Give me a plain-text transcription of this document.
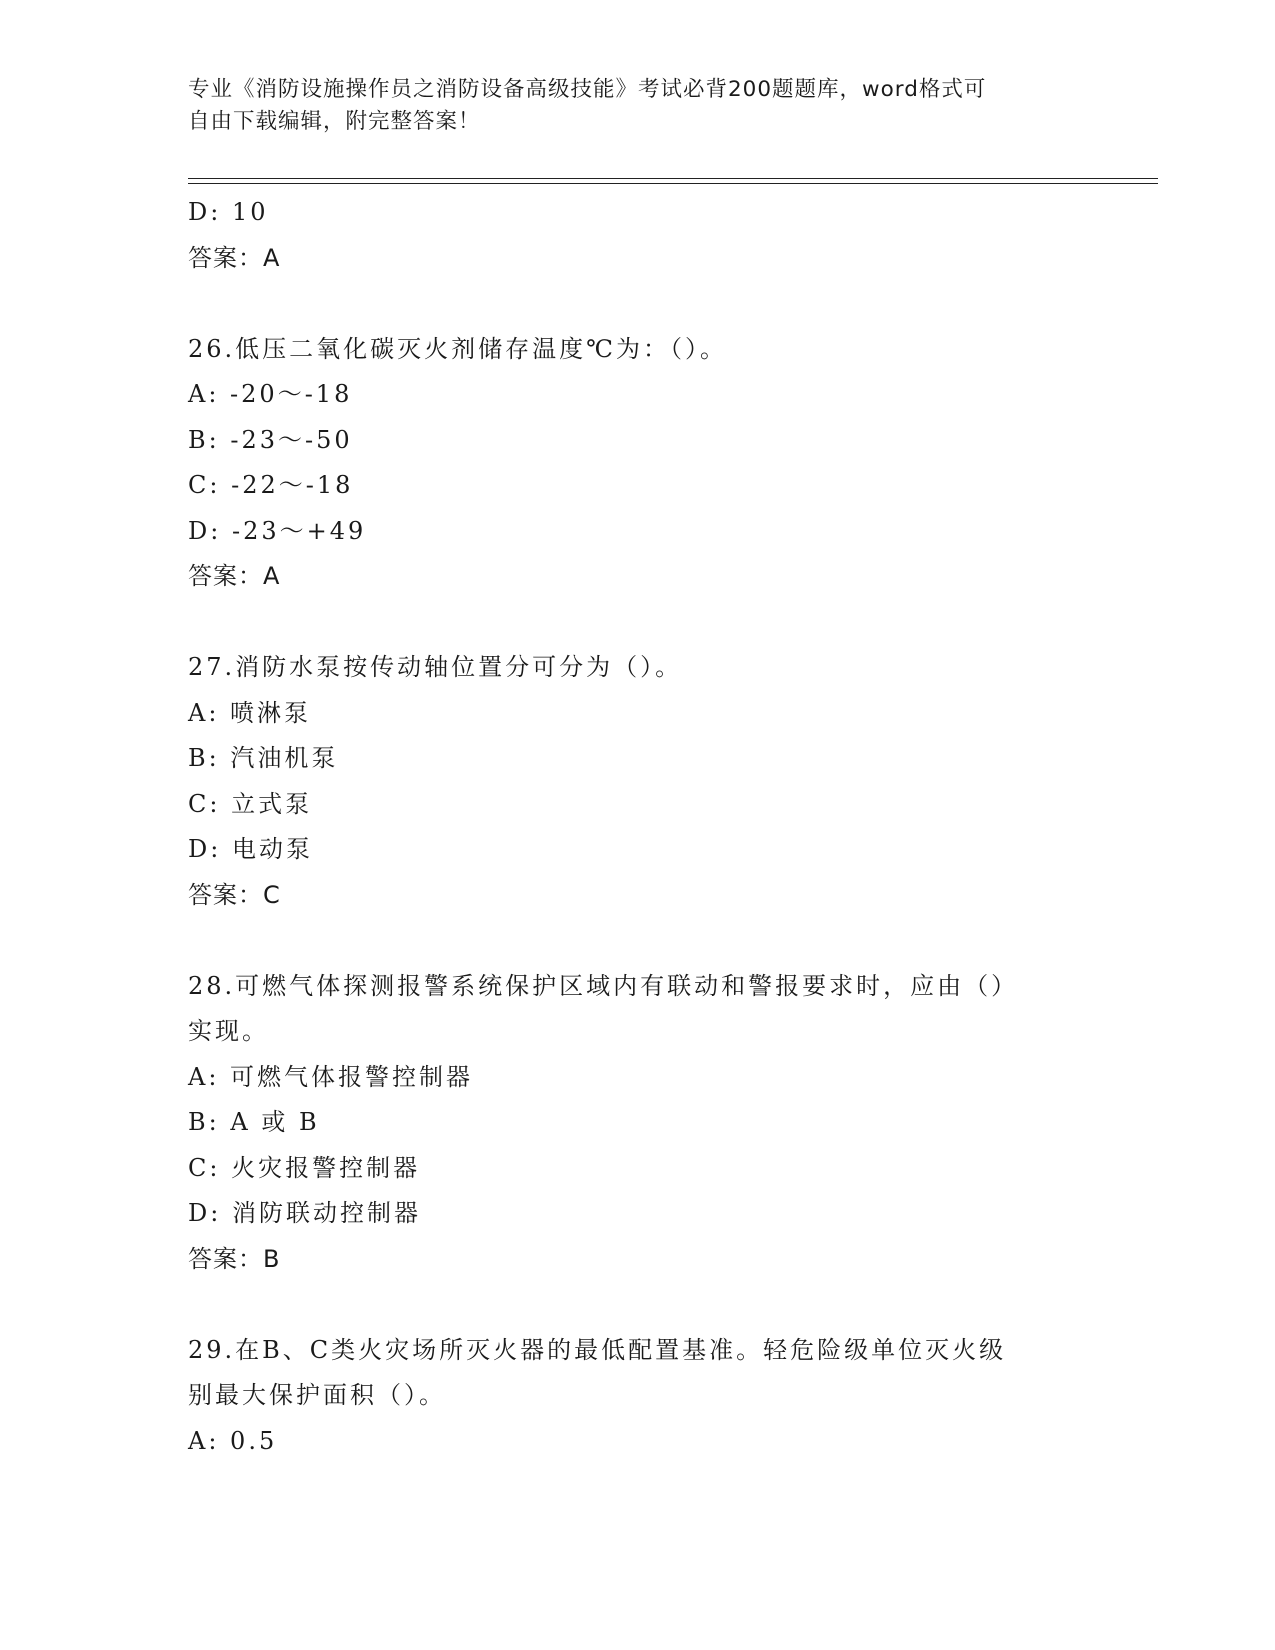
专业《消防设施操作员之消防设备高级技能》考试必背200题题库，word格式可
自由下载编辑，附完整答案！
D: 10
答案：A
26.低压二氧化碳灭火剂储存温度℃为：（）。
A: -20～-18
B: -23～-50
C: -22～-18
D: -23～+49
答案：A
27.消防水泵按传动轴位置分可分为（）。
A: 喷淋泵
B: 汽油机泵
C: 立式泵
D: 电动泵
答案：C
28.可燃气体探测报警系统保护区域内有联动和警报要求时，应由（）
实现。
A: 可燃气体报警控制器
B: A 或 B
C: 火灾报警控制器
D: 消防联动控制器
答案：B
29.在B、C类火灾场所灭火器的最低配置基准。轻危险级单位灭火级
别最大保护面积（）。
A: 0.5
